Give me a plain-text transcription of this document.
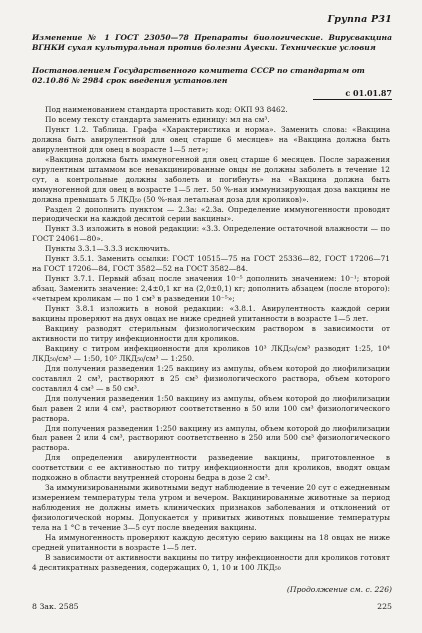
Группа Р31
Изменение № 1 ГОСТ 23050—78 Препараты биологические. Вирусвакцина ВГНКИ сухая культуральная против болезни Ауески. Технические условия
Постановлением Государственного комитета СССР по стандартам от 02.10.86 № 2984 срок введения установлен
с 01.01.87

Под наименованием стандарта проставить код: ОКП 93 8462.

По всему тексту стандарта заменить единицу: мл на см³.

Пункт 1.2. Таблица. Графа «Характеристика и норма». Заменить слова: «Вакцина должна быть авирулентной для овец старше 6 месяцев» на «Вакцина должна быть авирулентной для овец в возрасте 1—5 лет»;

«Вакцина должна быть иммуногенной для овец старше 6 месяцев. После заражения вирулентным штаммом все невакцинированные овцы не должны заболеть в течение 12 сут, а контрольные должны заболеть и погибнуть» на «Вакцина должна быть иммуногенной для овец в возрасте 1—5 лет. 50 %-ная иммунизирующая доза вакцины не должна превышать 5 ЛКД₅₀ (50 %-ная летальная доза для кроликов)».

Раздел 2 дополнить пунктом — 2.3а: «2.3а. Определение иммуногенности проводят периодически на каждой десятой серии вакцины».

Пункт 3.3 изложить в новой редакции: «3.3. Определение остаточной влажности — по ГОСТ 24061—80».

Пункты 3.3.1—3.3.3 исключить.

Пункт 3.5.1. Заменить ссылки: ГОСТ 10515—75 на ГОСТ 25336—82, ГОСТ 17206—71 на ГОСТ 17206—84, ГОСТ 3582—52 на ГОСТ 3582—84.

Пункт 3.7.1. Первый абзац после значения 10⁻⁵ дополнить значением: 10⁻¹; второй абзац. Заменить значение: 2,4±0,1 кг на (2,0±0,1) кг; дополнить абзацем (после второго): «четырем кроликам — по 1 см³ в разведении 10⁻⁵»;

Пункт 3.8.1 изложить в новой редакции: «3.8.1. Авирулентность каждой серии вакцины проверяют на двух овцах не ниже средней упитанности в возрасте 1—5 лет.

Вакцину разводят стерильным физиологическим раствором в зависимости от активности по титру инфекционности для кроликов.

Вакцину с титром инфекционности для кроликов 10³ ЛКД₅₀/см³ разводят 1:25, 10⁴ ЛКД₅₀/см³ — 1:50, 10⁵ ЛКД₅₀/см³ — 1:250.

Для получения разведения 1:25 вакцину из ампулы, объем которой до лиофилизации составлял 2 см³, растворяют в 25 см³ физиологического раствора, объем которого составлял 4 см³ — в 50 см³.

Для получения разведения 1:50 вакцину из ампулы, объем которой до лиофилизации был равен 2 или 4 см³, растворяют соответственно в 50 или 100 см³ физиологического раствора.

Для получения разведения 1:250 вакцину из ампулы, объем которой до лиофилизации был равен 2 или 4 см³, растворяют соответственно в 250 или 500 см³ физиологического раствора.

Для определения авирулентности разведение вакцины, приготовленное в соответствии с ее активностью по титру инфекционности для кроликов, вводят овцам подкожно в области внутренней стороны бедра в дозе 2 см³.

За иммунизированными животными ведут наблюдение в течение 20 сут с ежедневным измерением температуры тела утром и вечером. Вакцинированные животные за период наблюдения не должны иметь клинических признаков заболевания и отклонений от физиологической нормы. Допускается у привитых животных повышение температуры тела на 1 °С в течение 3—5 сут после введения вакцины.

На иммуногенность проверяют каждую десятую серию вакцины на 18 овцах не ниже средней упитанности в возрасте 1—5 лет.

В зависимости от активности вакцины по титру инфекционности для кроликов готовят 4 десятикратных разведения, содержащих 0, 1, 10 и 100 ЛКД₅₀

(Продолжение см. с. 226)
8 Зак. 2585	225
